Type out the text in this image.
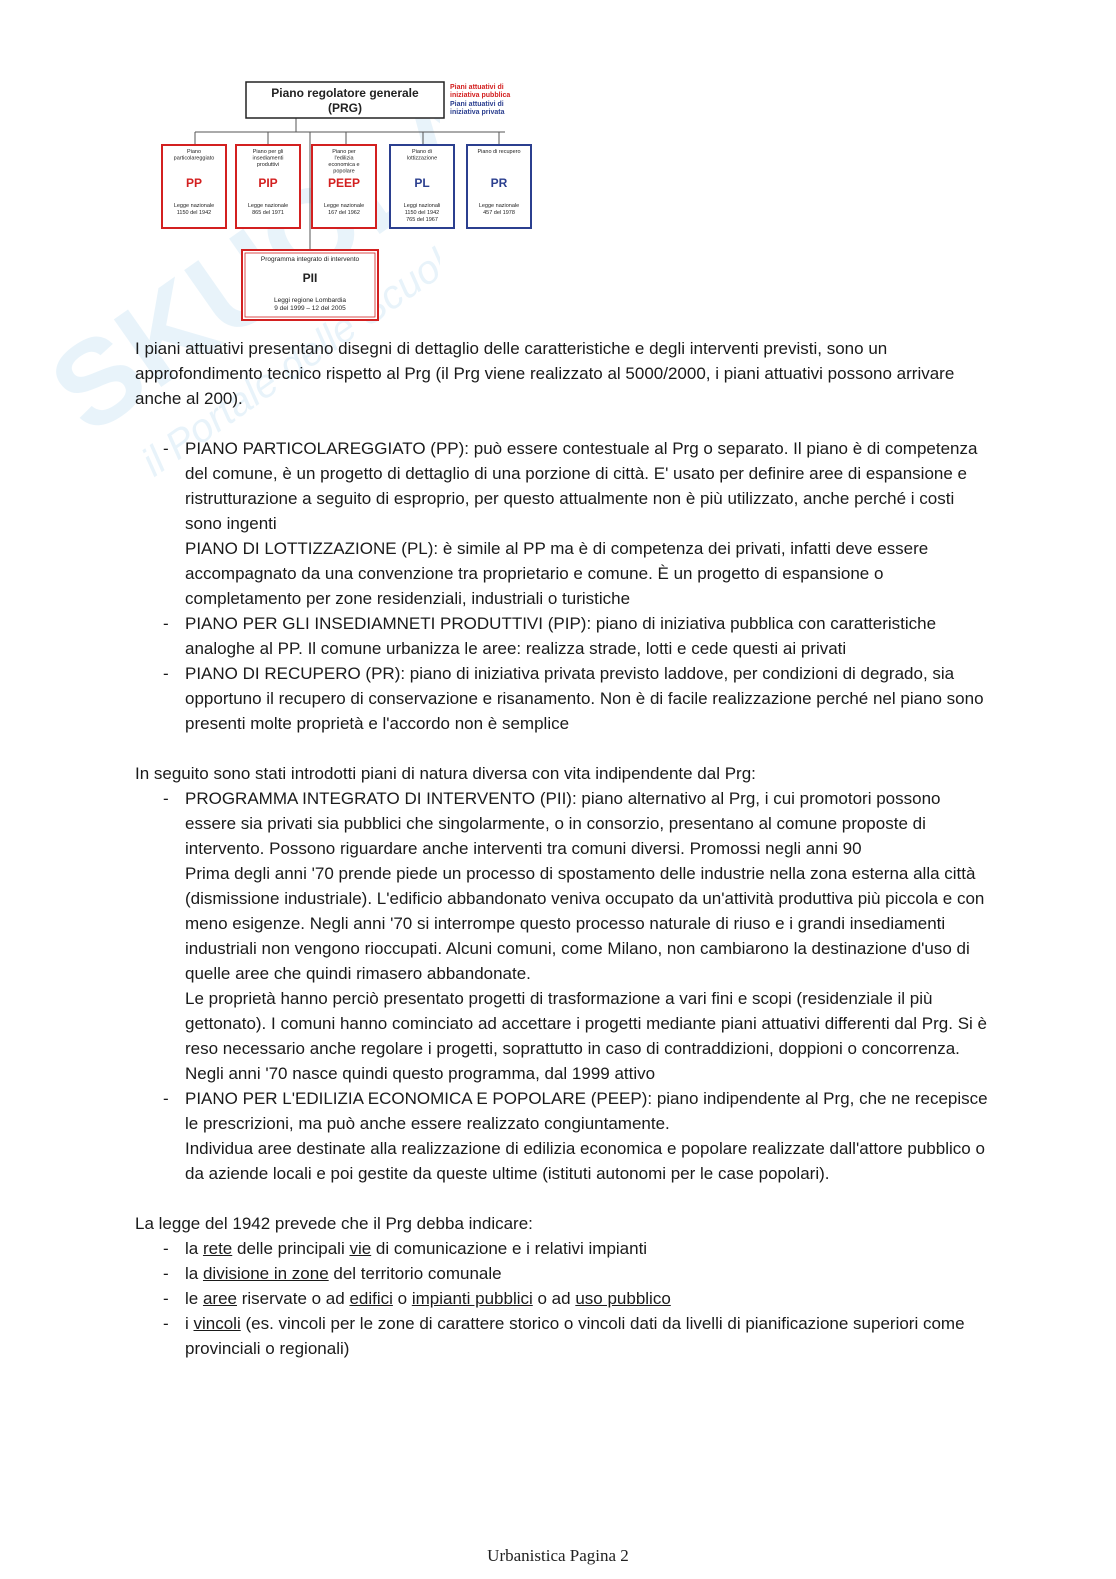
SKUOLA
il Portale delle Scuole
Piano regolatore generale
(PRG)
Piani attuativi di
iniziativa pubblica
Piani attuativi di
iniziativa privata
Piano
particolareggiato
PP
Legge nazionale
1150 del 1942
Piano per gli
insediamenti
produttivi
PIP
Legge nazionale
865 del 1971
Piano per
l'edilizia
economica e
popolare
PEEP
Legge nazionale
167 del 1962
Piano di
lottizzazione
PL
Leggi nazionali
1150 del 1942
765 del 1967
Piano di recupero
PR
Legge nazionale
457 del 1978
Programma integrato di intervento
PII
Leggi regione Lombardia
9 del 1999 – 12 del 2005

I piani attuativi presentano disegni di dettaglio delle caratteristiche e degli interventi previsti, sono un approfondimento tecnico rispetto al Prg (il Prg viene realizzato al 5000/2000, i piani attuativi possono arrivare anche al 200).

- PIANO PARTICOLAREGGIATO (PP): può essere contestuale al Prg o separato. Il piano è di competenza del comune, è un progetto di dettaglio di una porzione di città. E' usato per definire aree di espansione e ristrutturazione a seguito di esproprio, per questo attualmente non è più utilizzato, anche perché i costi sono ingenti
PIANO DI LOTTIZZAZIONE (PL): è simile al PP ma è di competenza dei privati, infatti deve essere accompagnato da una convenzione tra proprietario e comune. È un progetto di espansione o completamento per zone residenziali, industriali o turistiche
- PIANO PER GLI INSEDIAMNETI PRODUTTIVI (PIP): piano di iniziativa pubblica con caratteristiche analoghe al PP. Il comune urbanizza le aree: realizza strade, lotti e cede questi ai privati
- PIANO DI RECUPERO (PR): piano di iniziativa privata previsto laddove, per condizioni di degrado, sia opportuno il recupero di conservazione e risanamento. Non è di facile realizzazione perché nel piano sono presenti molte proprietà e l'accordo non è semplice

In seguito sono stati introdotti piani di natura diversa con vita indipendente dal Prg:

- PROGRAMMA INTEGRATO DI INTERVENTO (PII): piano alternativo al Prg, i cui promotori possono essere sia privati sia pubblici che singolarmente, o in consorzio, presentano al comune proposte di intervento. Possono riguardare anche interventi tra comuni diversi. Promossi negli anni 90
Prima degli anni '70 prende piede un processo di spostamento delle industrie nella zona esterna alla città (dismissione industriale). L'edificio abbandonato veniva occupato da un'attività produttiva più piccola e con meno esigenze. Negli anni '70 si interrompe questo processo naturale di riuso e i grandi insediamenti industriali non vengono rioccupati. Alcuni comuni, come Milano, non cambiarono la destinazione d'uso di quelle aree che quindi rimasero abbandonate.
Le proprietà hanno perciò presentato progetti di trasformazione a vari fini e scopi (residenziale il più gettonato). I comuni hanno cominciato ad accettare i progetti mediante piani attuativi differenti dal Prg. Si è reso necessario anche regolare i progetti, soprattutto in caso di contraddizioni, doppioni o concorrenza.
Negli anni '70 nasce quindi questo programma, dal 1999 attivo
- PIANO PER L'EDILIZIA ECONOMICA E POPOLARE (PEEP): piano indipendente al Prg, che ne recepisce le prescrizioni, ma può anche essere realizzato congiuntamente.
Individua aree destinate alla realizzazione di edilizia economica e popolare realizzate dall'attore pubblico o da aziende locali e poi gestite da queste ultime (istituti autonomi per le case popolari).

La legge del 1942 prevede che il Prg debba indicare:

- la rete delle principali vie di comunicazione e i relativi impianti
- la divisione in zone del territorio comunale
- le aree riservate o ad edifici o impianti pubblici o ad uso pubblico
- i vincoli (es. vincoli per le zone di carattere storico o vincoli dati da livelli di pianificazione superiori come provinciali o regionali)
Urbanistica Pagina 2
